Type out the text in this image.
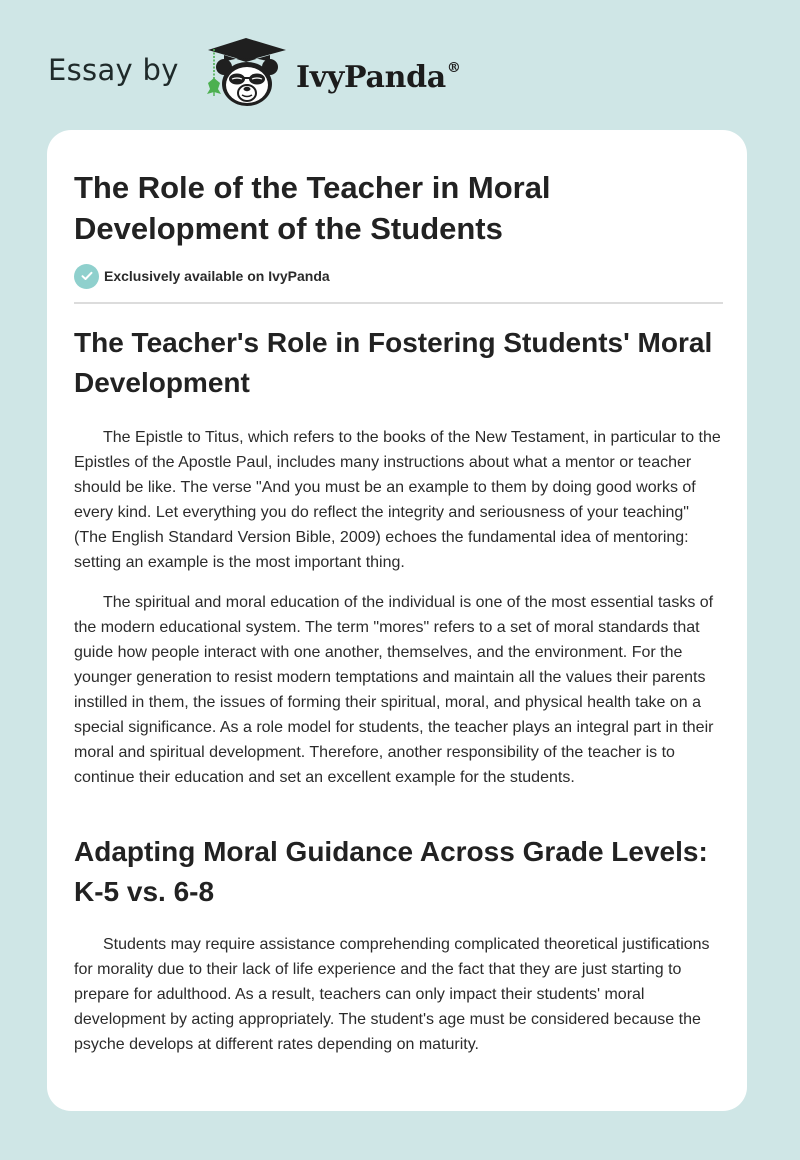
Essay by	IvyPanda®
The Role of the Teacher in Moral Development of the Students
Exclusively available on IvyPanda
The Teacher's Role in Fostering Students' Moral Development

The Epistle to Titus, which refers to the books of the New Testament, in particular to the Epistles of the Apostle Paul, includes many instructions about what a mentor or teacher should be like. The verse "And you must be an example to them by doing good works of every kind. Let everything you do reflect the integrity and seriousness of your teaching" (The English Standard Version Bible, 2009) echoes the fundamental idea of mentoring: setting an example is the most important thing.

The spiritual and moral education of the individual is one of the most essential tasks of the modern educational system. The term "mores" refers to a set of moral standards that guide how people interact with one another, themselves, and the environment. For the younger generation to resist modern temptations and maintain all the values their parents instilled in them, the issues of forming their spiritual, moral, and physical health take on a special significance. As a role model for students, the teacher plays an integral part in their moral and spiritual development. Therefore, another responsibility of the teacher is to continue their education and set an excellent example for the students.

Adapting Moral Guidance Across Grade Levels: K-5 vs. 6-8

Students may require assistance comprehending complicated theoretical justifications for morality due to their lack of life experience and the fact that they are just starting to prepare for adulthood. As a result, teachers can only impact their students' moral development by acting appropriately. The student's age must be considered because the psyche develops at different rates depending on maturity.
